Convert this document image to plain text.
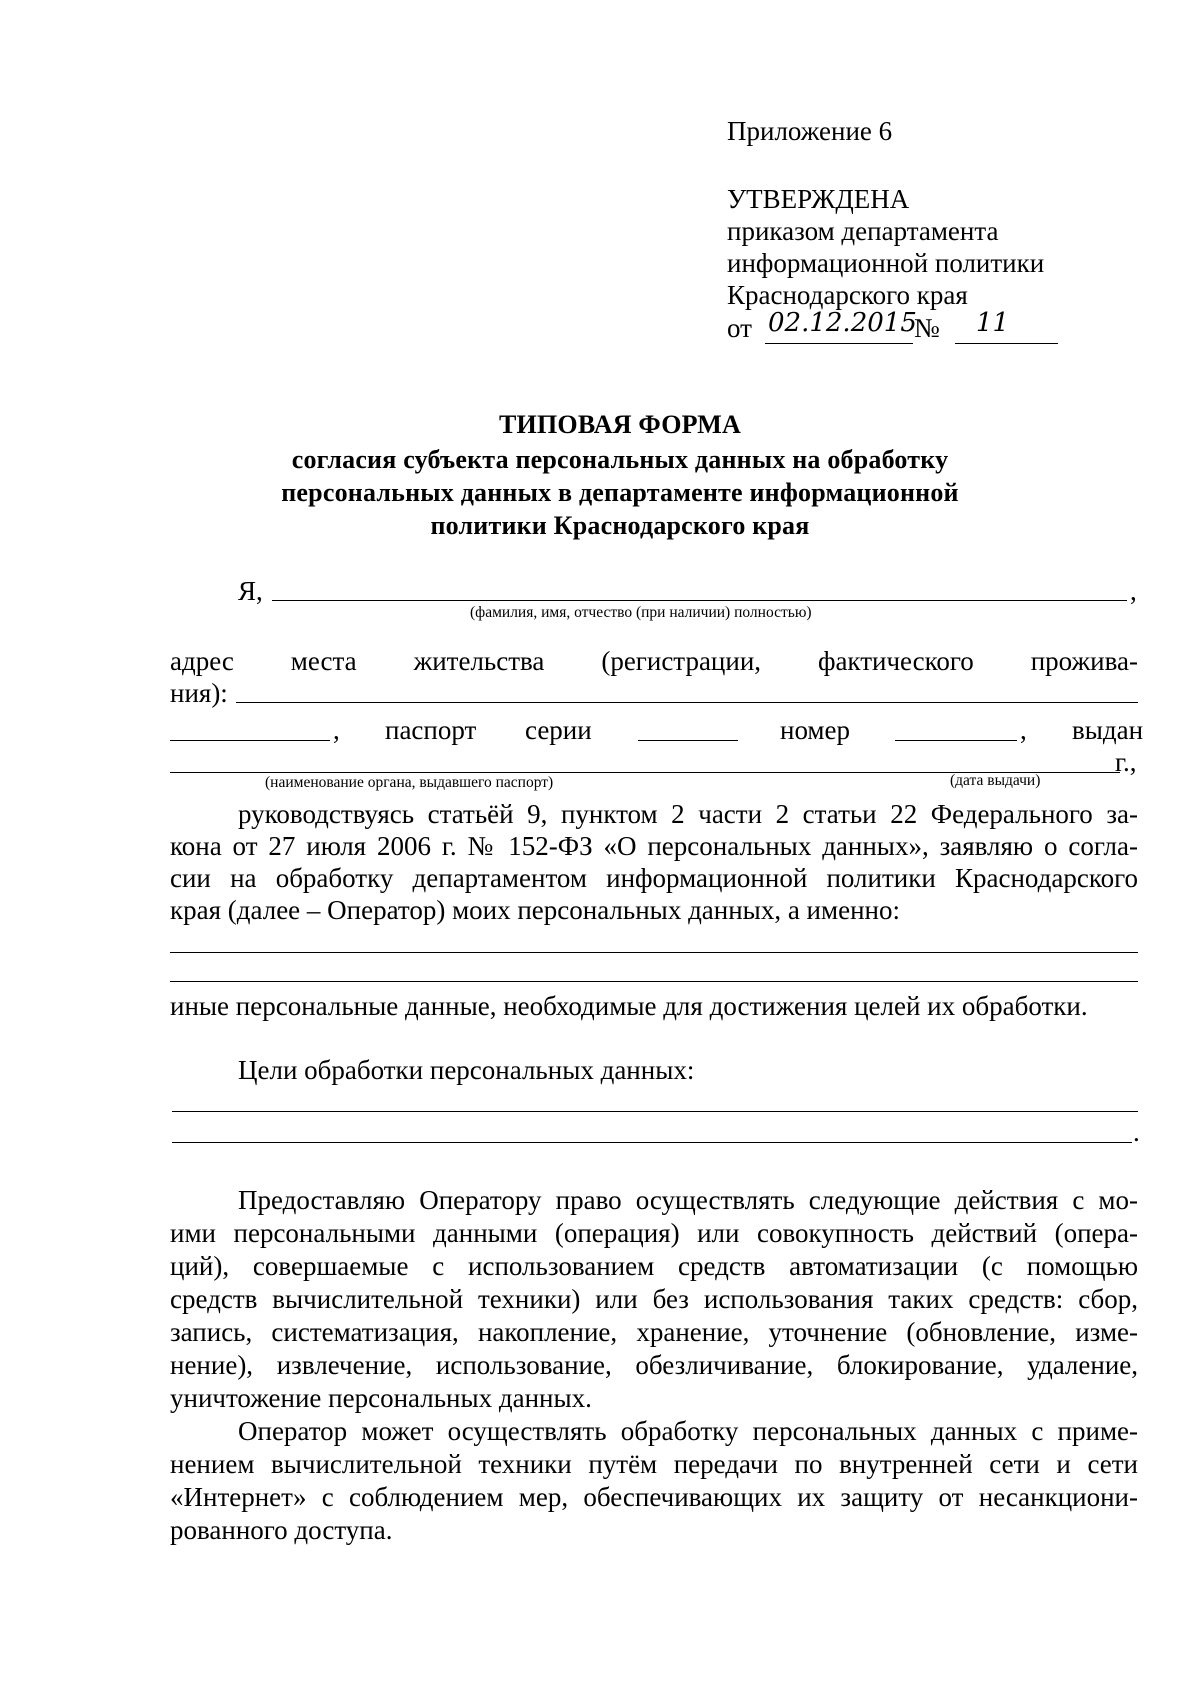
Приложение 6
УТВЕРЖДЕНА
приказом департамента
информационной политики
Краснодарского края
от 02.12.2015
№ 11
ТИПОВАЯ ФОРМА
согласия субъекта персональных данных на обработку
персональных данных в департаменте информационной
политики Краснодарского края
Я,	,
(фамилия, имя, отчество (при наличии) полностью)
адрес места жительства (регистрации, фактического прожива-
ния):
, паспорт серии	номер	, выдан
г.,
(наименование органа, выдавшего паспорт)	(дата выдачи)
руководствуясь статьёй 9, пунктом 2 части 2 статьи 22 Федерального за-
кона от 27 июля 2006 г. № 152-ФЗ «О персональных данных», заявляю о согла-
сии на обработку департаментом информационной политики Краснодарского
края (далее – Оператор) моих персональных данных, а именно:
иные персональные данные, необходимые для достижения целей их обработки.
Цели обработки персональных данных:
.
Предоставляю Оператору право осуществлять следующие действия с мо-
ими персональными данными (операция) или совокупность действий (опера-
ций), совершаемые с использованием средств автоматизации (с помощью
средств вычислительной техники) или без использования таких средств: сбор,
запись, систематизация, накопление, хранение, уточнение (обновление, изме-
нение), извлечение, использование, обезличивание, блокирование, удаление,
уничтожение персональных данных.
Оператор может осуществлять обработку персональных данных с приме-
нением вычислительной техники путём передачи по внутренней сети и сети
«Интернет» с соблюдением мер, обеспечивающих их защиту от несанкциони-
рованного доступа.
